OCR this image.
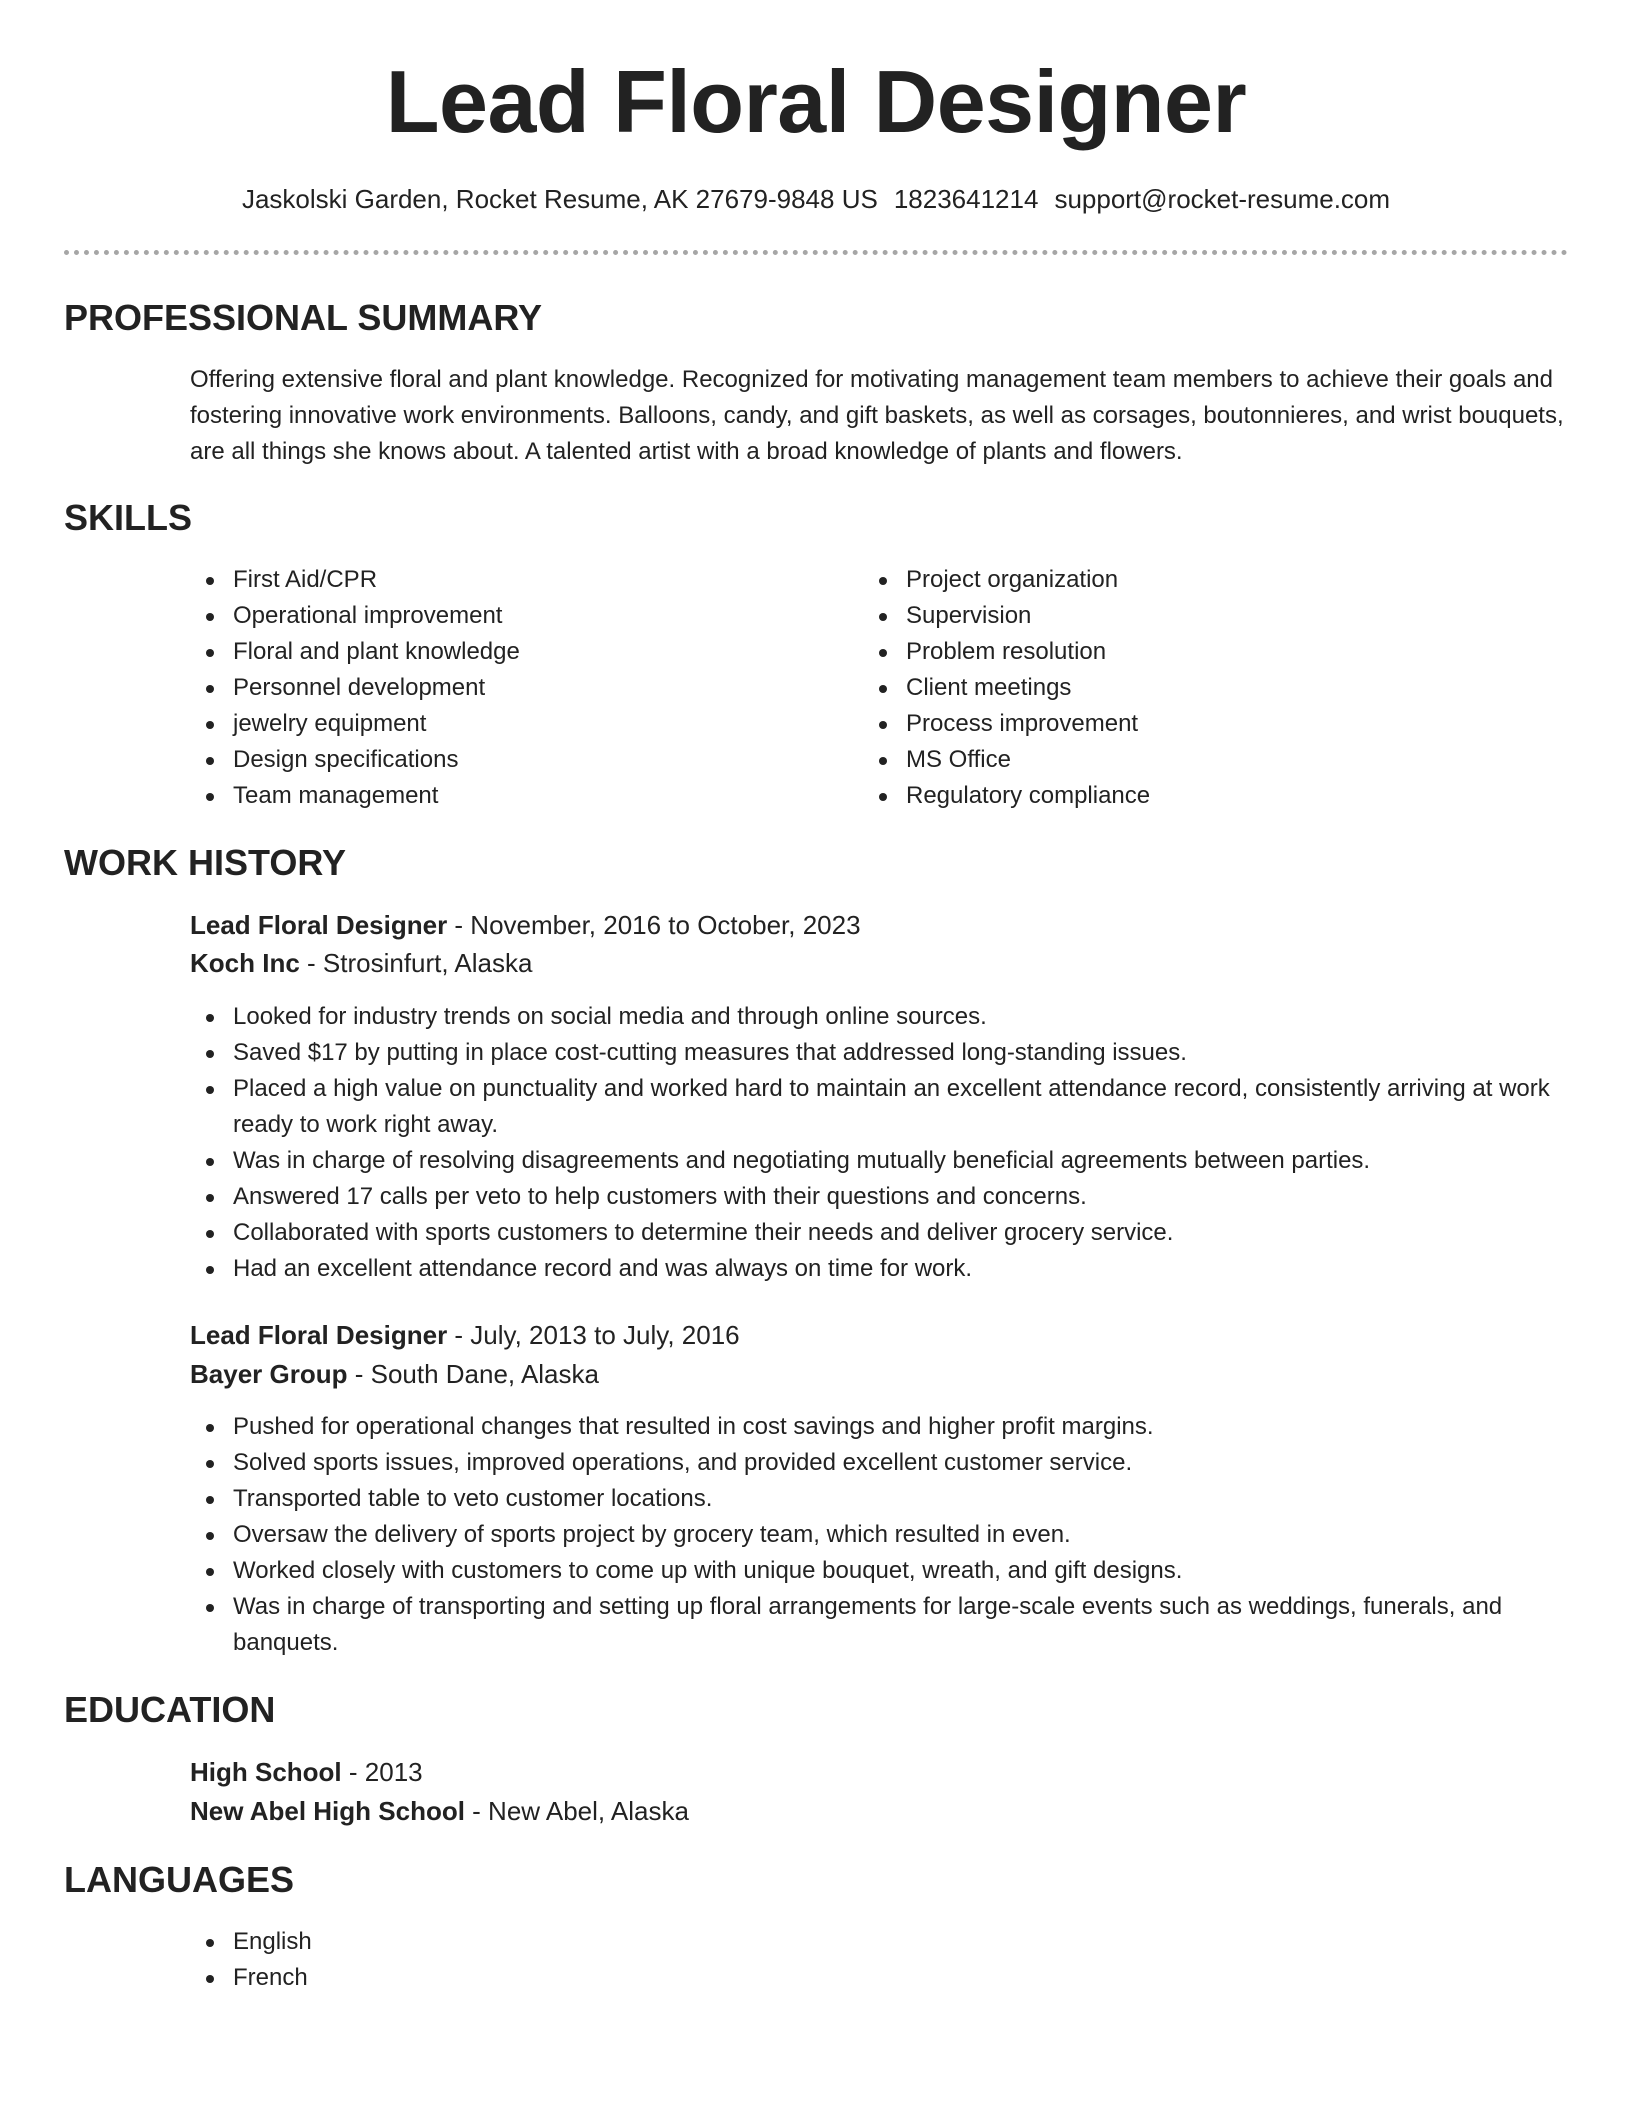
Lead Floral Designer
Jaskolski Garden, Rocket Resume, AK 27679-9848 US 1823641214 support@rocket-resume.com
PROFESSIONAL SUMMARY

Offering extensive floral and plant knowledge. Recognized for motivating management team members to achieve their goals and fostering innovative work environments. Balloons, candy, and gift baskets, as well as corsages, boutonnieres, and wrist bouquets, are all things she knows about. A talented artist with a broad knowledge of plants and flowers.

SKILLS
First Aid/CPR
Operational improvement
Floral and plant knowledge
Personnel development
jewelry equipment
Design specifications
Team management
Project organization
Supervision
Problem resolution
Client meetings
Process improvement
MS Office
Regulatory compliance
WORK HISTORY
Lead Floral Designer - November, 2016 to October, 2023
Koch Inc - Strosinfurt, Alaska
Looked for industry trends on social media and through online sources.
Saved $17 by putting in place cost-cutting measures that addressed long-standing issues.
Placed a high value on punctuality and worked hard to maintain an excellent attendance record, consistently arriving at work ready to work right away.
Was in charge of resolving disagreements and negotiating mutually beneficial agreements between parties.
Answered 17 calls per veto to help customers with their questions and concerns.
Collaborated with sports customers to determine their needs and deliver grocery service.
Had an excellent attendance record and was always on time for work.
Lead Floral Designer - July, 2013 to July, 2016
Bayer Group - South Dane, Alaska
Pushed for operational changes that resulted in cost savings and higher profit margins.
Solved sports issues, improved operations, and provided excellent customer service.
Transported table to veto customer locations.
Oversaw the delivery of sports project by grocery team, which resulted in even.
Worked closely with customers to come up with unique bouquet, wreath, and gift designs.
Was in charge of transporting and setting up floral arrangements for large-scale events such as weddings, funerals, and banquets.
EDUCATION
High School - 2013
New Abel High School - New Abel, Alaska
LANGUAGES
English
French
